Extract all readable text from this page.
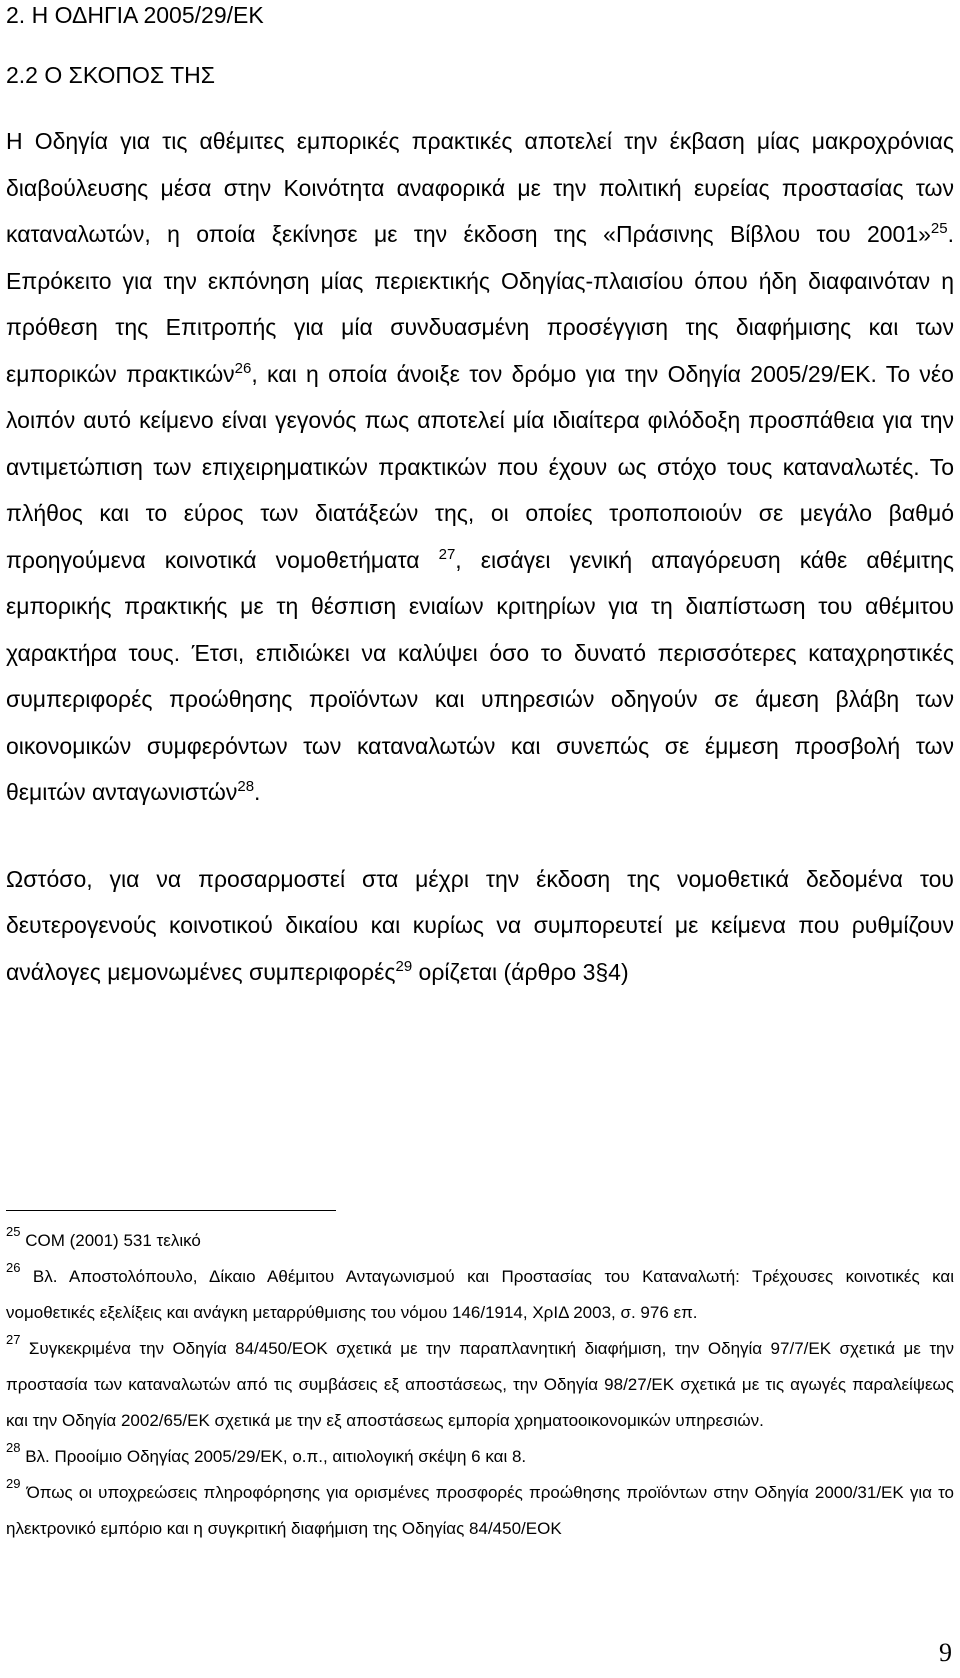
2. Η ΟΔΗΓΙΑ 2005/29/ΕΚ
2.2 Ο ΣΚΟΠΟΣ ΤΗΣ

Η Οδηγία για τις αθέμιτες εμπορικές πρακτικές αποτελεί την έκβαση μίας μακροχρόνιας διαβούλευσης μέσα στην Κοινότητα αναφορικά με την πολιτική ευρείας προστασίας των καταναλωτών, η οποία ξεκίνησε με την έκδοση της «Πράσινης Βίβλου του 2001»$^{25}$. Επρόκειτο για την εκπόνηση μίας περιεκτικής Οδηγίας-πλαισίου όπου ήδη διαφαινόταν η πρόθεση της Επιτροπής για μία συνδυασμένη προσέγγιση της διαφήμισης και των εμπορικών πρακτικών$^{26}$, και η οποία άνοιξε τον δρόμο για την Οδηγία 2005/29/ΕΚ. Το νέο λοιπόν αυτό κείμενο είναι γεγονός πως αποτελεί μία ιδιαίτερα φιλόδοξη προσπάθεια για την αντιμετώπιση των επιχειρηματικών πρακτικών που έχουν ως στόχο τους καταναλωτές. Το πλήθος και το εύρος των διατάξεών της, οι οποίες τροποποιούν σε μεγάλο βαθμό προηγούμενα κοινοτικά νομοθετήματα $^{27}$, εισάγει γενική απαγόρευση κάθε αθέμιτης εμπορικής πρακτικής με τη θέσπιση ενιαίων κριτηρίων για τη διαπίστωση του αθέμιτου χαρακτήρα τους. Έτσι, επιδιώκει να καλύψει όσο το δυνατό περισσότερες καταχρηστικές συμπεριφορές προώθησης προϊόντων και υπηρεσιών οδηγούν σε άμεση βλάβη των οικονομικών συμφερόντων των καταναλωτών και συνεπώς σε έμμεση προσβολή των θεμιτών ανταγωνιστών$^{28}$.

Ωστόσο, για να προσαρμοστεί στα μέχρι την έκδοση της νομοθετικά δεδομένα του δευτερογενούς κοινοτικού δικαίου και κυρίως να συμπορευτεί με κείμενα που ρυθμίζουν ανάλογες μεμονωμένες συμπεριφορές$^{29}$ ορίζεται (άρθρο 3§4)

$^{25}$ COM (2001) 531 τελικό

$^{26}$ Βλ. Αποστολόπουλο, Δίκαιο Αθέμιτου Ανταγωνισμού και Προστασίας του Καταναλωτή: Τρέχουσες κοινοτικές και νομοθετικές εξελίξεις και ανάγκη μεταρρύθμισης του νόμου 146/1914, ΧρΙΔ 2003, σ. 976 επ.

$^{27}$ Συγκεκριμένα την Οδηγία 84/450/ΕΟΚ σχετικά με την παραπλανητική διαφήμιση, την Οδηγία 97/7/ΕΚ σχετικά με την προστασία των καταναλωτών από τις συμβάσεις εξ αποστάσεως, την Οδηγία 98/27/ΕΚ σχετικά με τις αγωγές παραλείψεως και την Οδηγία 2002/65/ΕΚ σχετικά με την εξ αποστάσεως εμπορία χρηματοοικονομικών υπηρεσιών.

$^{28}$ Βλ. Προοίμιο Οδηγίας 2005/29/ΕΚ, ο.π., αιτιολογική σκέψη 6 και 8.

$^{29}$ Όπως οι υποχρεώσεις πληροφόρησης για ορισμένες προσφορές προώθησης προϊόντων στην Οδηγία 2000/31/ΕΚ για το ηλεκτρονικό εμπόριο και η συγκριτική διαφήμιση της Οδηγίας 84/450/ΕΟΚ

9
